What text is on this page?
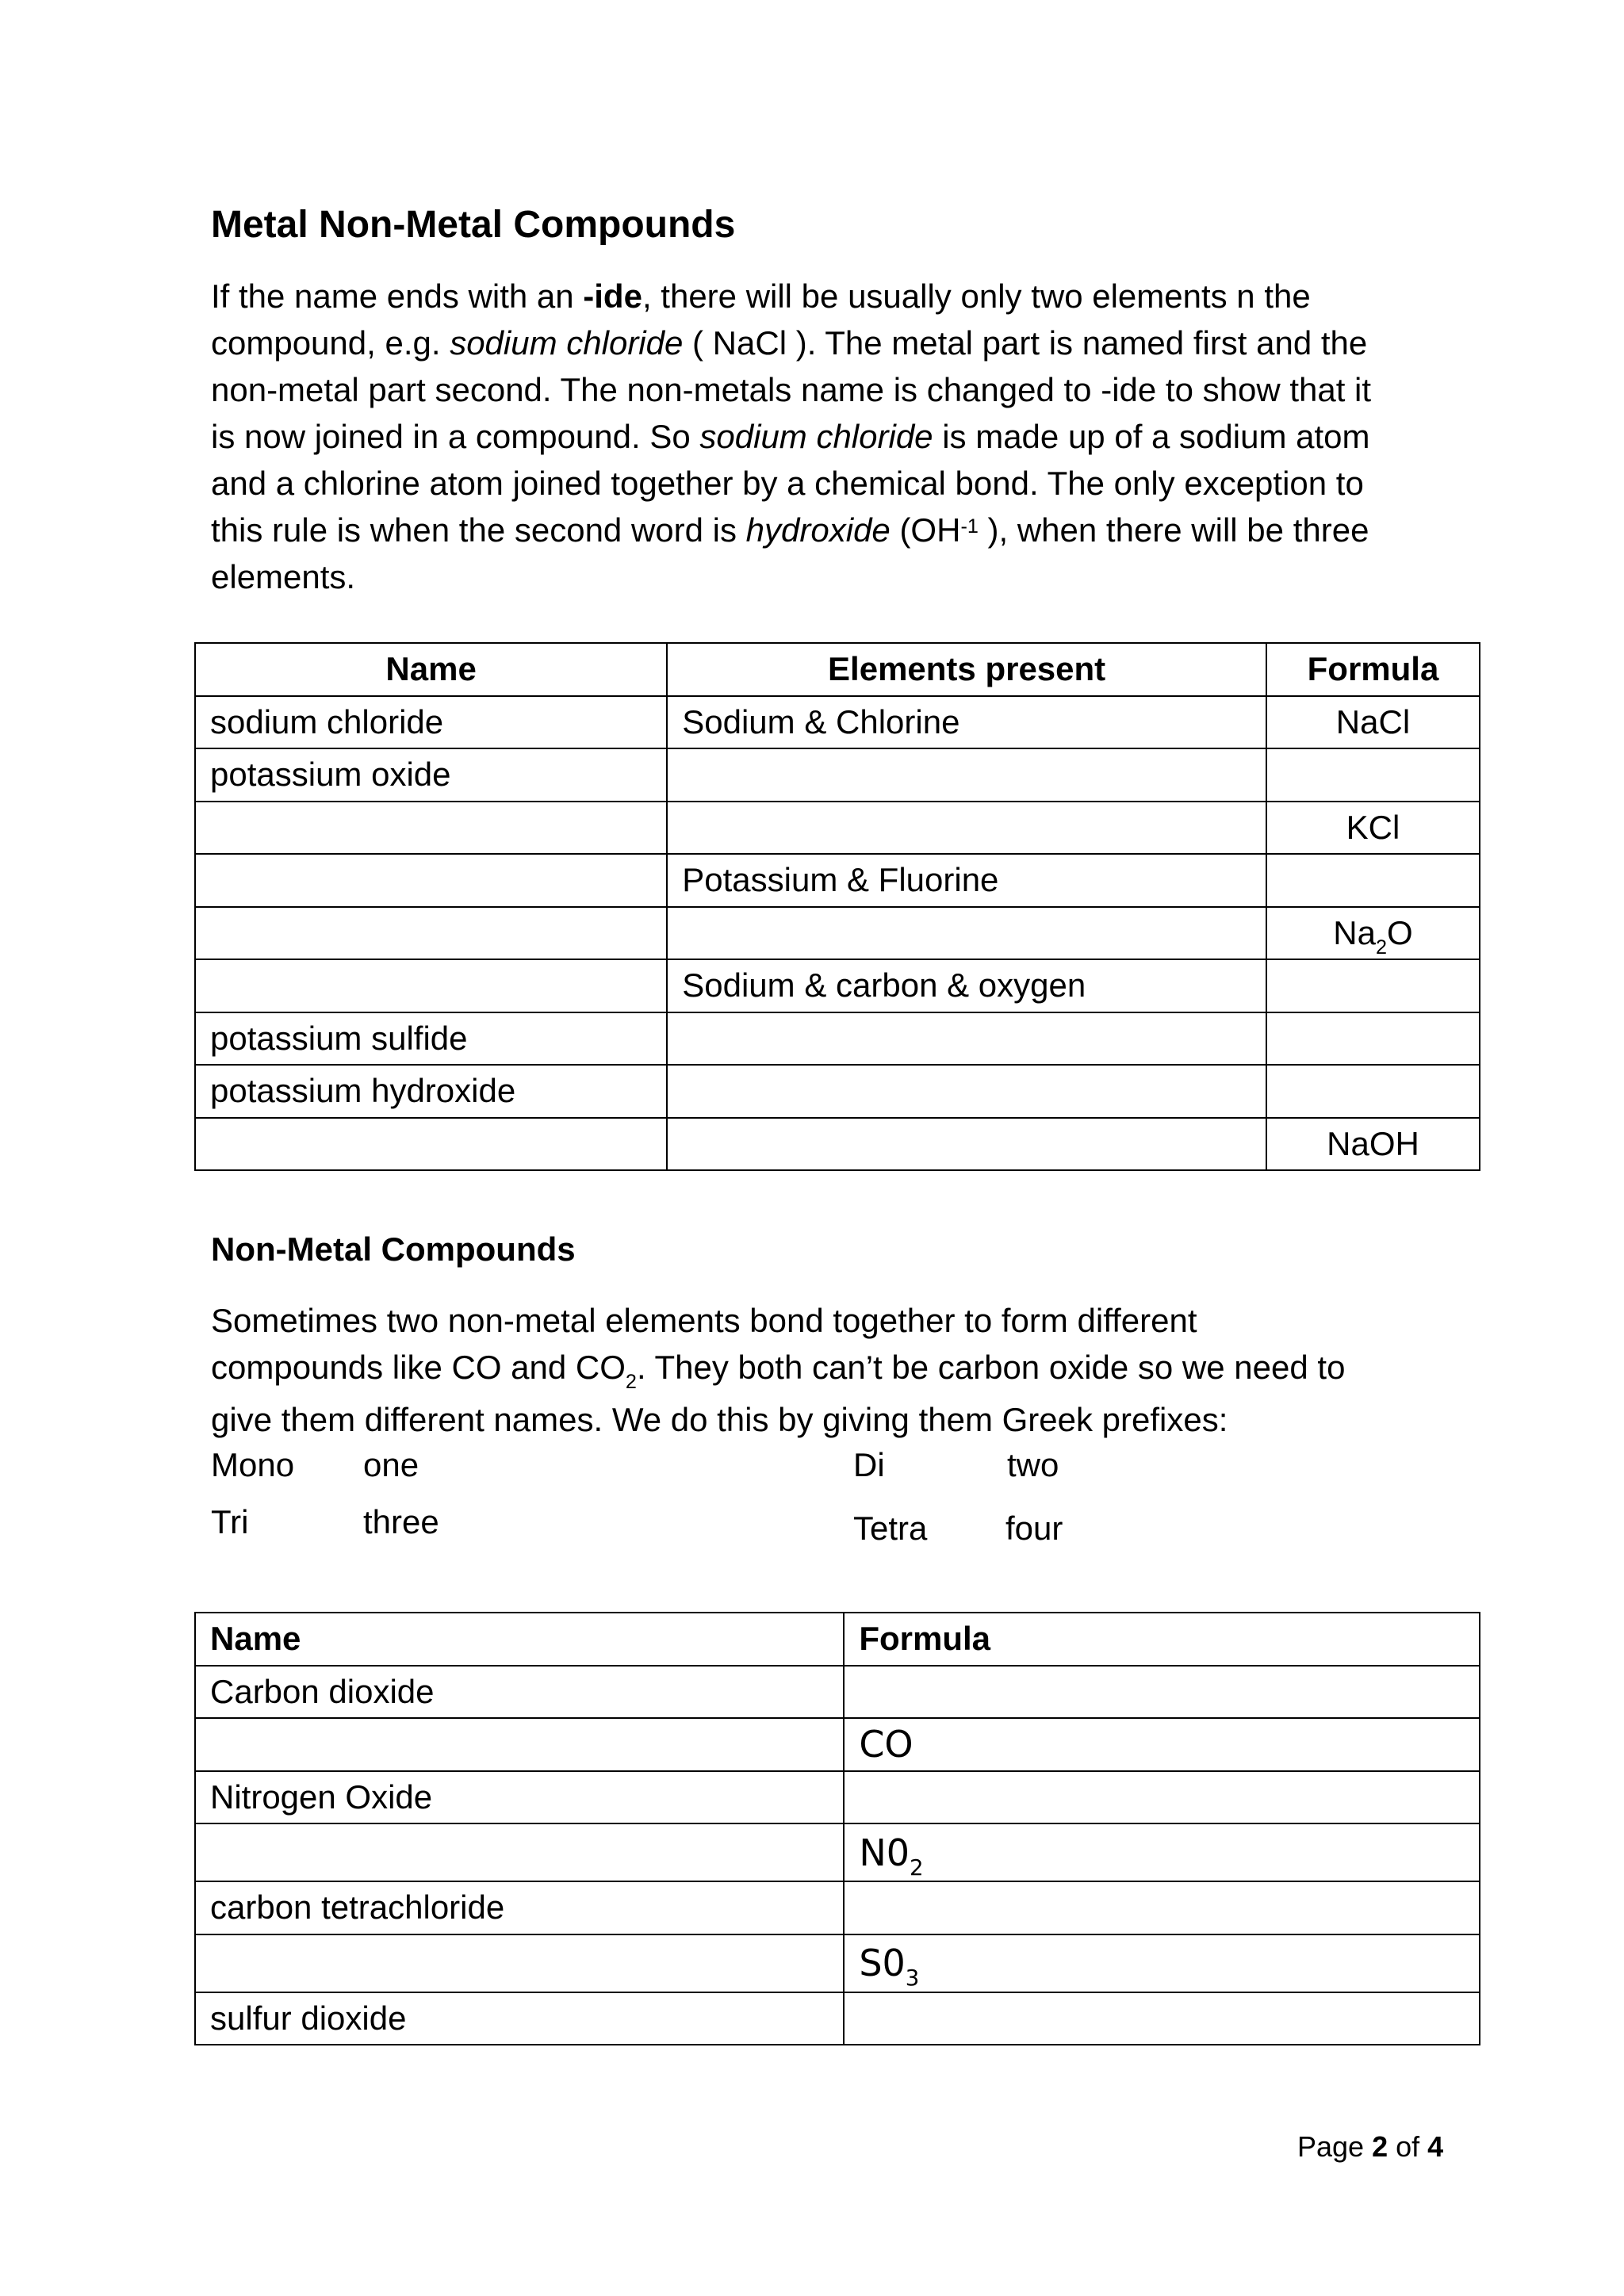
Metal Non-Metal Compounds
If the name ends with an -ide, there will be usually only two elements n the
compound, e.g. sodium chloride ( NaCl ). The metal part is named first and the
non-metal part second. The non-metals name is changed to -ide to show that it
is now joined in a compound. So sodium chloride is made up of a sodium atom
and a chlorine atom joined together by a chemical bond. The only exception to
this rule is when the second word is hydroxide ($OH^{-1}$ ), when there will be three
elements.
Name	Elements present	Formula
sodium chloride	Sodium & Chlorine	NaCl
potassium oxide		
		KCl
	Potassium & Fluorine	
		$Na_2O$
	Sodium & carbon & oxygen	
potassium sulfide		
potassium hydroxide		
		NaOH
Non-Metal Compounds
Sometimes two non-metal elements bond together to form different
compounds like CO and $CO_2$. They both can’t be carbon oxide so we need to
give them different names. We do this by giving them Greek prefixes:
Mono one	Di	two
Tri	three	Tetra four
Name	Formula
Carbon dioxide	
	CO
Nitrogen Oxide	
	$N0_2$
carbon tetrachloride	
	$S0_3$
sulfur dioxide	
Page 2 of 4
